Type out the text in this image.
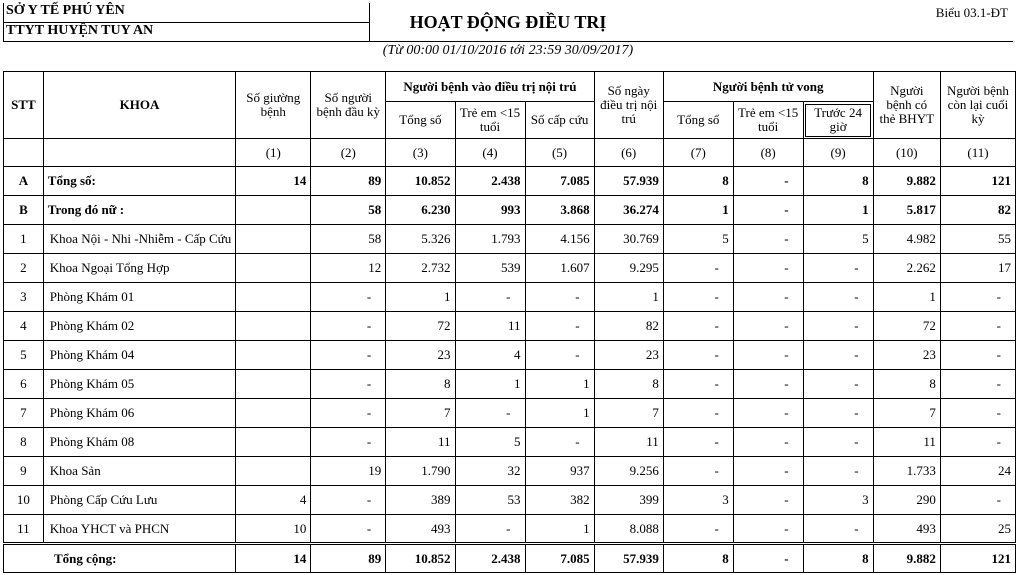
SỞ Y TẾ PHÚ YÊN
TTYT HUYỆN TUY AN	HOẠT ĐỘNG ĐIỀU TRỊ	Biểu 03.1-ĐT
(Từ 00:00 01/10/2016 tới 23:59 30/09/2017)
STT	KHOA	Số giường bệnh	Số người bệnh đầu kỳ	Người bệnh vào điều trị nội trú			Số ngày điều trị nội trú	Người bệnh tử vong			Người bệnh có thẻ BHYT	Người bệnh còn lại cuối kỳ
				Tổng số	Trẻ em <15 tuổi	Số cấp cứu		Tổng số	Trẻ em <15 tuổi	Trước 24 giờ		
		(1)	(2)	(3)	(4)	(5)	(6)	(7)	(8)	(9)	(10)	(11)
A	Tổng số:	14	89	10.852	2.438	7.085	57.939	8	-	8	9.882	121
B	Trong đó nữ :		58	6.230	993	3.868	36.274	1	-	1	5.817	82
1	Khoa Nội - Nhi -Nhiễm - Cấp Cứu		58	5.326	1.793	4.156	30.769	5	-	5	4.982	55
2	Khoa Ngoại Tổng Hợp		12	2.732	539	1.607	9.295	-	-	-	2.262	17
3	Phòng Khám 01		-	1	-	-	1	-	-	-	1	-
4	Phòng Khám 02		-	72	11	-	82	-	-	-	72	-
5	Phòng Khám 04		-	23	4	-	23	-	-	-	23	-
6	Phòng Khám 05		-	8	1	1	8	-	-	-	8	-
7	Phòng Khám 06		-	7	-	1	7	-	-	-	7	-
8	Phòng Khám 08		-	11	5	-	11	-	-	-	11	-
9	Khoa Sản		19	1.790	32	937	9.256	-	-	-	1.733	24
10	Phòng Cấp Cứu Lưu	4	-	389	53	382	399	3	-	3	290	-
11	Khoa YHCT và PHCN	10	-	493	-	1	8.088	-	-	-	493	25
Tổng cộng:		14	89	10.852	2.438	7.085	57.939	8	-	8	9.882	121
